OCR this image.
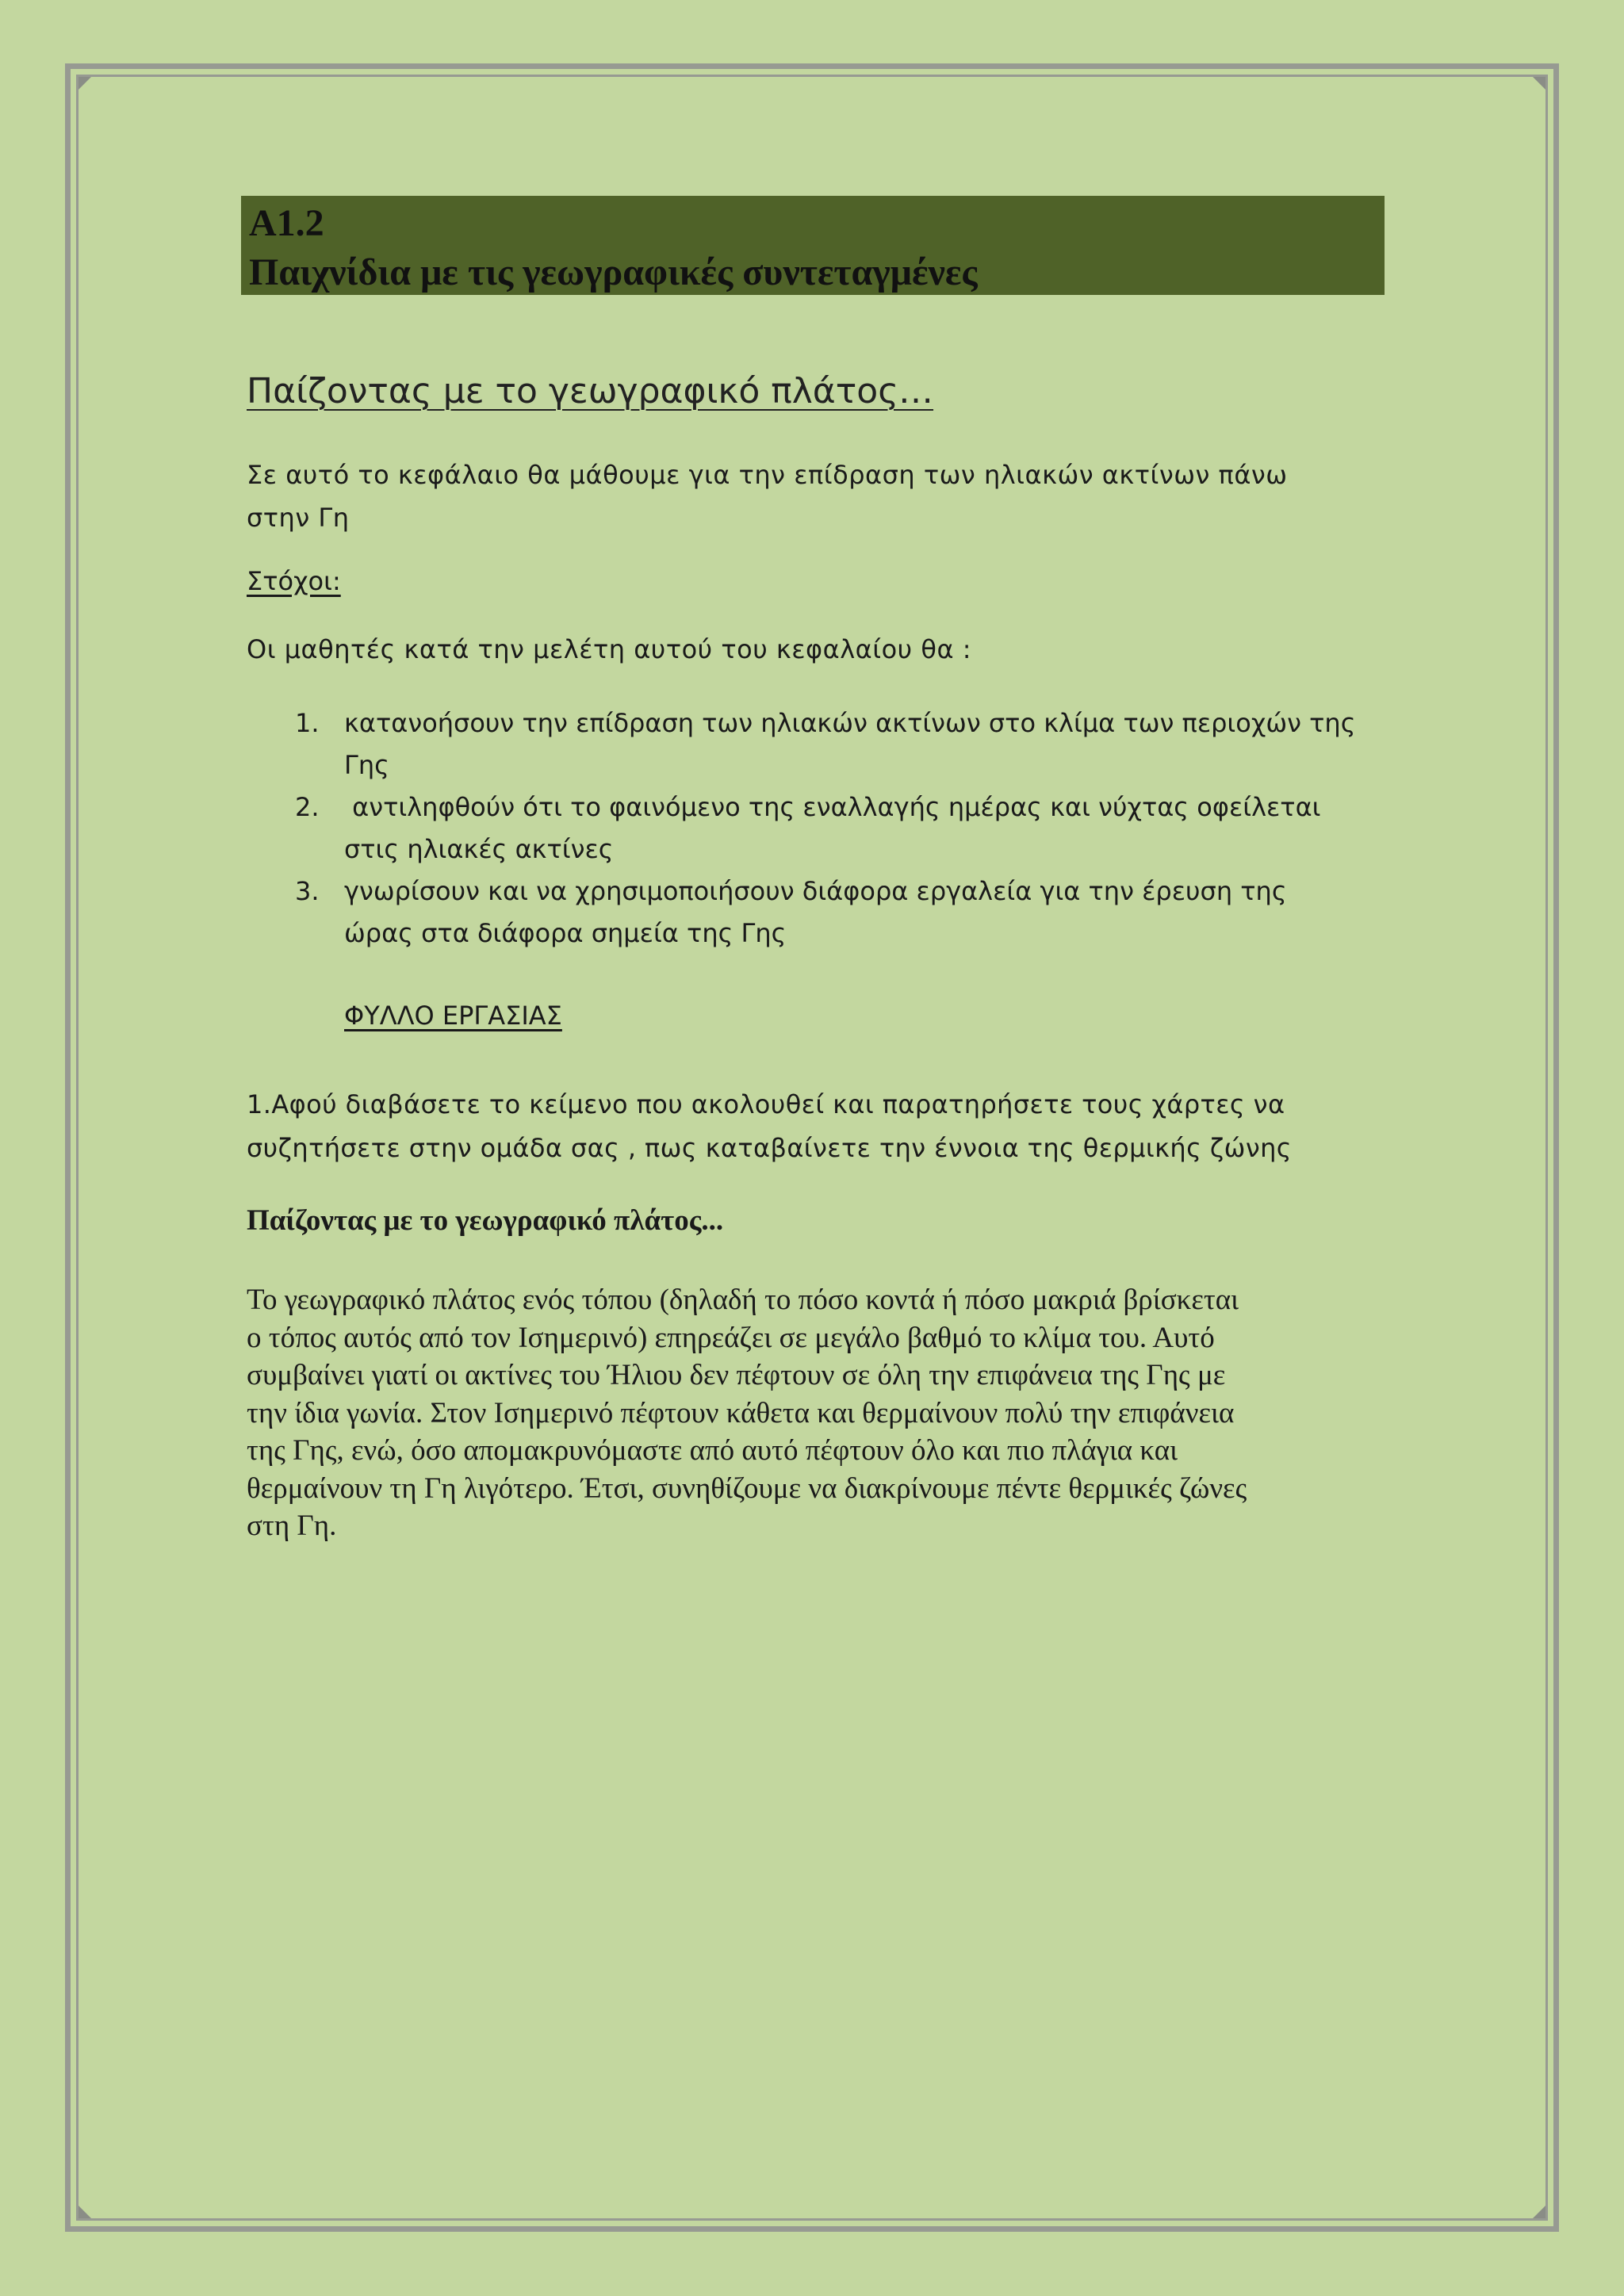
A1.2
Παιχνίδια με τις γεωγραφικές συντεταγμένες
Παίζοντας με το γεωγραφικό πλάτος…
Σε αυτό το κεφάλαιο θα μάθουμε για την επίδραση των ηλιακών ακτίνων πάνω
στην Γη
Στόχοι:
Οι μαθητές κατά την μελέτη αυτού του κεφαλαίου θα :
1. κατανοήσουν την επίδραση των ηλιακών ακτίνων στο κλίμα των περιοχών της
Γης
2. αντιληφθούν ότι το φαινόμενο της εναλλαγής ημέρας και νύχτας οφείλεται
στις ηλιακές ακτίνες
3. γνωρίσουν και να χρησιμοποιήσουν διάφορα εργαλεία για την έρευση της
ώρας στα διάφορα σημεία της Γης
ΦΥΛΛΟ ΕΡΓΑΣΙΑΣ
1.Αφού διαβάσετε το κείμενο που ακολουθεί και παρατηρήσετε τους χάρτες να
συζητήσετε στην ομάδα σας , πως καταβαίνετε την έννοια της θερμικής ζώνης
Παίζοντας με το γεωγραφικό πλάτος...
Το γεωγραφικό πλάτος ενός τόπου (δηλαδή το πόσο κοντά ή πόσο μακριά βρίσκεται
ο τόπος αυτός από τον Ισημερινό) επηρεάζει σε μεγάλο βαθμό το κλίμα του. Αυτό
συμβαίνει γιατί οι ακτίνες του Ήλιου δεν πέφτουν σε όλη την επιφάνεια της Γης με
την ίδια γωνία. Στον Ισημερινό πέφτουν κάθετα και θερμαίνουν πολύ την επιφάνεια
της Γης, ενώ, όσο απομακρυνόμαστε από αυτό πέφτουν όλο και πιο πλάγια και
θερμαίνουν τη Γη λιγότερο. Έτσι, συνηθίζουμε να διακρίνουμε πέντε θερμικές ζώνες
στη Γη.
